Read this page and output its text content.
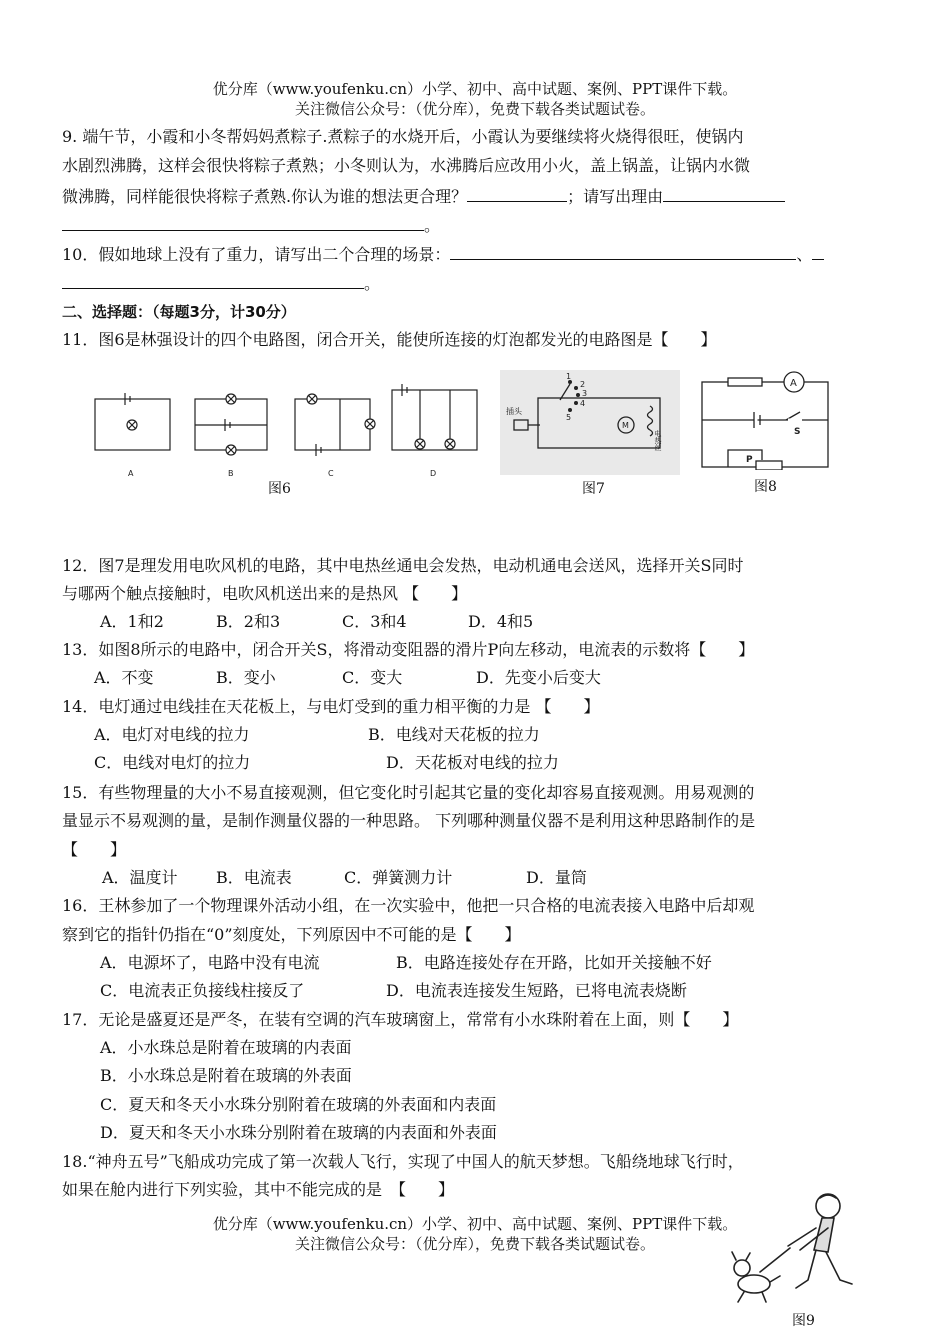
优分库（www.youfenku.cn）小学、初中、高中试题、案例、PPT课件下载。
关注微信公众号：（优分库），免费下载各类试题试卷。
9. 端午节，小霞和小冬帮妈妈煮粽子.煮粽子的水烧开后，小霞认为要继续将火烧得很旺，使锅内
水剧烈沸腾，这样会很快将粽子煮熟；小冬则认为，水沸腾后应改用小火，盖上锅盖，让锅内水微
微沸腾，同样能很快将粽子煮熟.你认为谁的想法更合理？	；请写出理由
。
10．假如地球上没有了重力，请写出二个合理的场景：	、
。
二、选择题：（每题3分，计30分）
11．图6是林强设计的四个电路图，闭合开关，能使所连接的灯泡都发光的电路图是【　　】
A	B	C	D
图6
1
2
3
4
5
插头
电热丝
M
图7
A
S
P
图8
12．图7是理发用电吹风机的电路，其中电热丝通电会发热，电动机通电会送风，选择开关S同时
与哪两个触点接触时，电吹风机送出来的是热风 【　　】
A．1和2	B．2和3	C．3和4	D．4和5
13．如图8所示的电路中，闭合开关S，将滑动变阻器的滑片P向左移动，电流表的示数将【　　】
A．不变	B．变小	C．变大	D．先变小后变大
14．电灯通过电线挂在天花板上，与电灯受到的重力相平衡的力是 【　　】
A．电灯对电线的拉力	B．电线对天花板的拉力
C．电线对电灯的拉力	D．天花板对电线的拉力
15．有些物理量的大小不易直接观测，但它变化时引起其它量的变化却容易直接观测。用易观测的
量显示不易观测的量，是制作测量仪器的一种思路。 下列哪种测量仪器不是利用这种思路制作的是
【　　】
A．温度计 B．电流表	C．弹簧测力计	D．量筒
16．王林参加了一个物理课外活动小组，在一次实验中，他把一只合格的电流表接入电路中后却观
察到它的指针仍指在“0”刻度处，下列原因中不可能的是【　　】
A．电源坏了，电路中没有电流	B．电路连接处存在开路，比如开关接触不好
C．电流表正负接线柱接反了	D．电流表连接发生短路，已将电流表烧断
17．无论是盛夏还是严冬，在装有空调的汽车玻璃窗上，常常有小水珠附着在上面，则【　　】
A．小水珠总是附着在玻璃的内表面
B．小水珠总是附着在玻璃的外表面
C．夏天和冬天小水珠分别附着在玻璃的外表面和内表面
D．夏天和冬天小水珠分别附着在玻璃的内表面和外表面
18.“神舟五号”飞船成功完成了第一次载人飞行，实现了中国人的航天梦想。飞船绕地球飞行时，
如果在舱内进行下列实验，其中不能完成的是　【　　】
优分库（www.youfenku.cn）小学、初中、高中试题、案例、PPT课件下载。
关注微信公众号：（优分库），免费下载各类试题试卷。
图9
